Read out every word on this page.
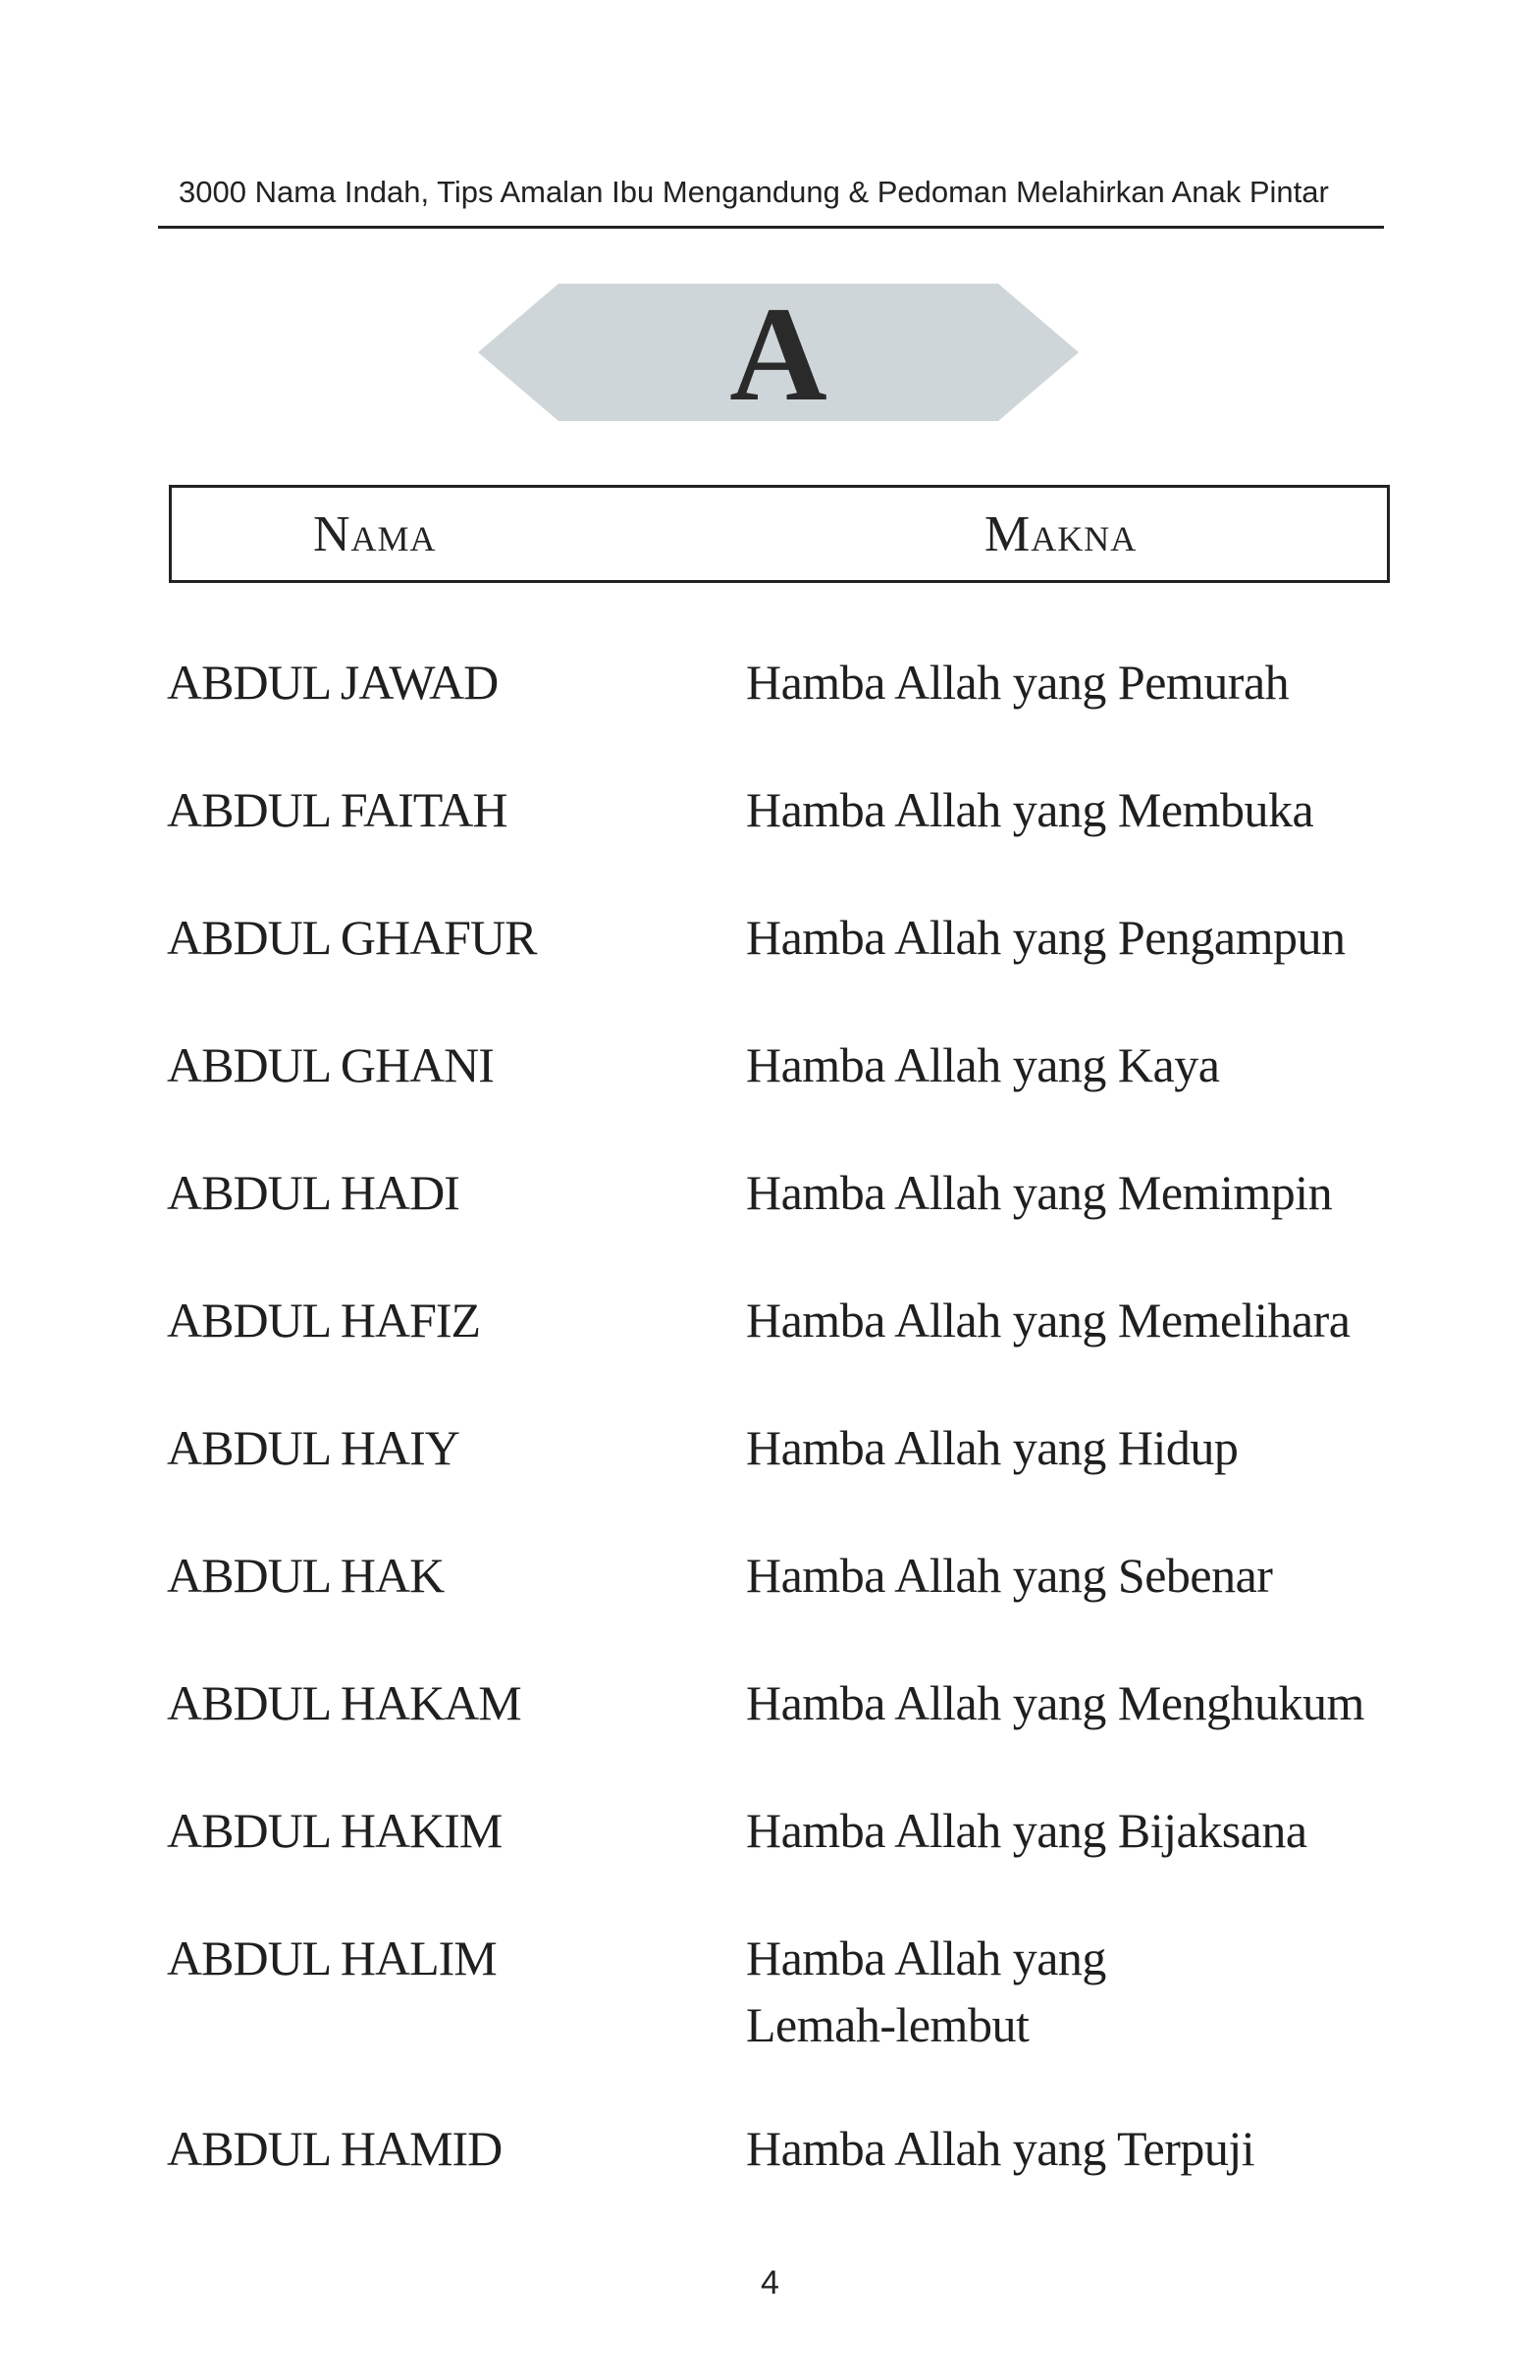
3000 Nama Indah, Tips Amalan Ibu Mengandung & Pedoman Melahirkan Anak Pintar
A
Nama	Makna
ABDUL JAWAD	Hamba Allah yang Pemurah
ABDUL FAITAH	Hamba Allah yang Membuka
ABDUL GHAFUR	Hamba Allah yang Pengampun
ABDUL GHANI	Hamba Allah yang Kaya
ABDUL HADI	Hamba Allah yang Memimpin
ABDUL HAFIZ	Hamba Allah yang Memelihara
ABDUL HAIY	Hamba Allah yang Hidup
ABDUL HAK	Hamba Allah yang Sebenar
ABDUL HAKAM	Hamba Allah yang Menghukum
ABDUL HAKIM	Hamba Allah yang Bijaksana
ABDUL HALIM	Hamba Allah yang Lemah-lembut
ABDUL HAMID	Hamba Allah yang Terpuji
4
